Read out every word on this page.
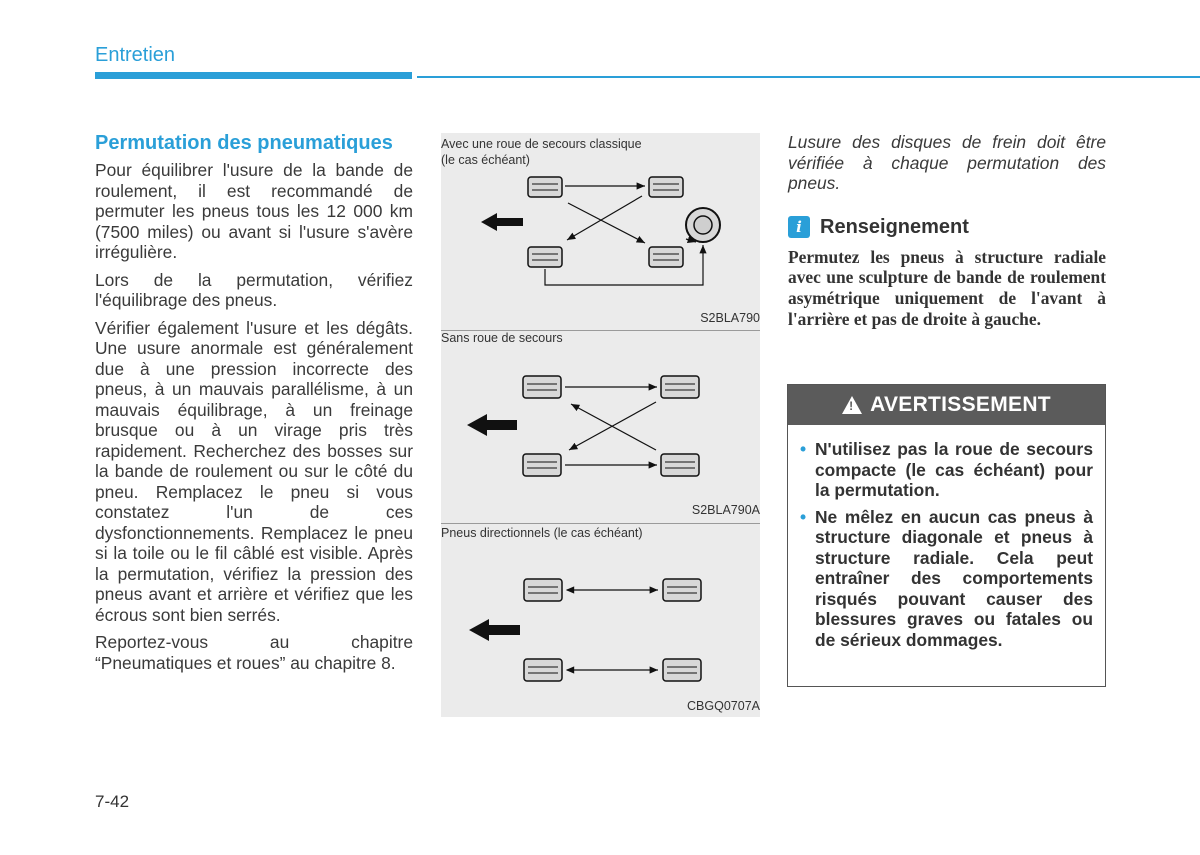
Entretien
Permutation des pneumatiques

Pour équilibrer l'usure de la bande de roulement, il est recommandé de permuter les pneus tous les 12 000 km (7500 miles) ou avant si l'usure s'avère irrégulière.

Lors de la permutation, vérifiez l'équilibrage des pneus.

Vérifier également l'usure et les dégâts. Une usure anormale est généralement due à une pression incorrecte des pneus, à un mauvais parallélisme, à un mauvais équilibrage, à un freinage brusque ou à un virage pris très rapidement. Recherchez des bosses sur la bande de roulement ou sur le côté du pneu. Remplacez le pneu si vous constatez l'un de ces dysfonctionnements. Remplacez le pneu si la toile ou le fil câblé est visible. Après la permutation, vérifiez la pression des pneus avant et arrière et vérifiez que les écrous sont bien serrés.

Reportez-vous au chapitre “Pneumatiques et roues” au chapitre 8.

Avec une roue de secours classique
(le cas échéant)
S2BLA790
Sans roue de secours
S2BLA790A
Pneus directionnels (le cas échéant)
CBGQ0707A

Lusure des disques de frein doit être vérifiée à chaque permutation des pneus.

i Renseignement

Permutez les pneus à structure radiale avec une sculpture de bande de roulement asymétrique uniquement de l'avant à l'arrière et pas de droite à gauche.

! AVERTISSEMENT
• N'utilisez pas la roue de secours compacte (le cas échéant) pour la permutation.
• Ne mêlez en aucun cas pneus à structure diagonale et pneus à structure radiale. Cela peut entraîner des comportements risqués pouvant causer des blessures graves ou fatales ou de sérieux dommages.
7-42
